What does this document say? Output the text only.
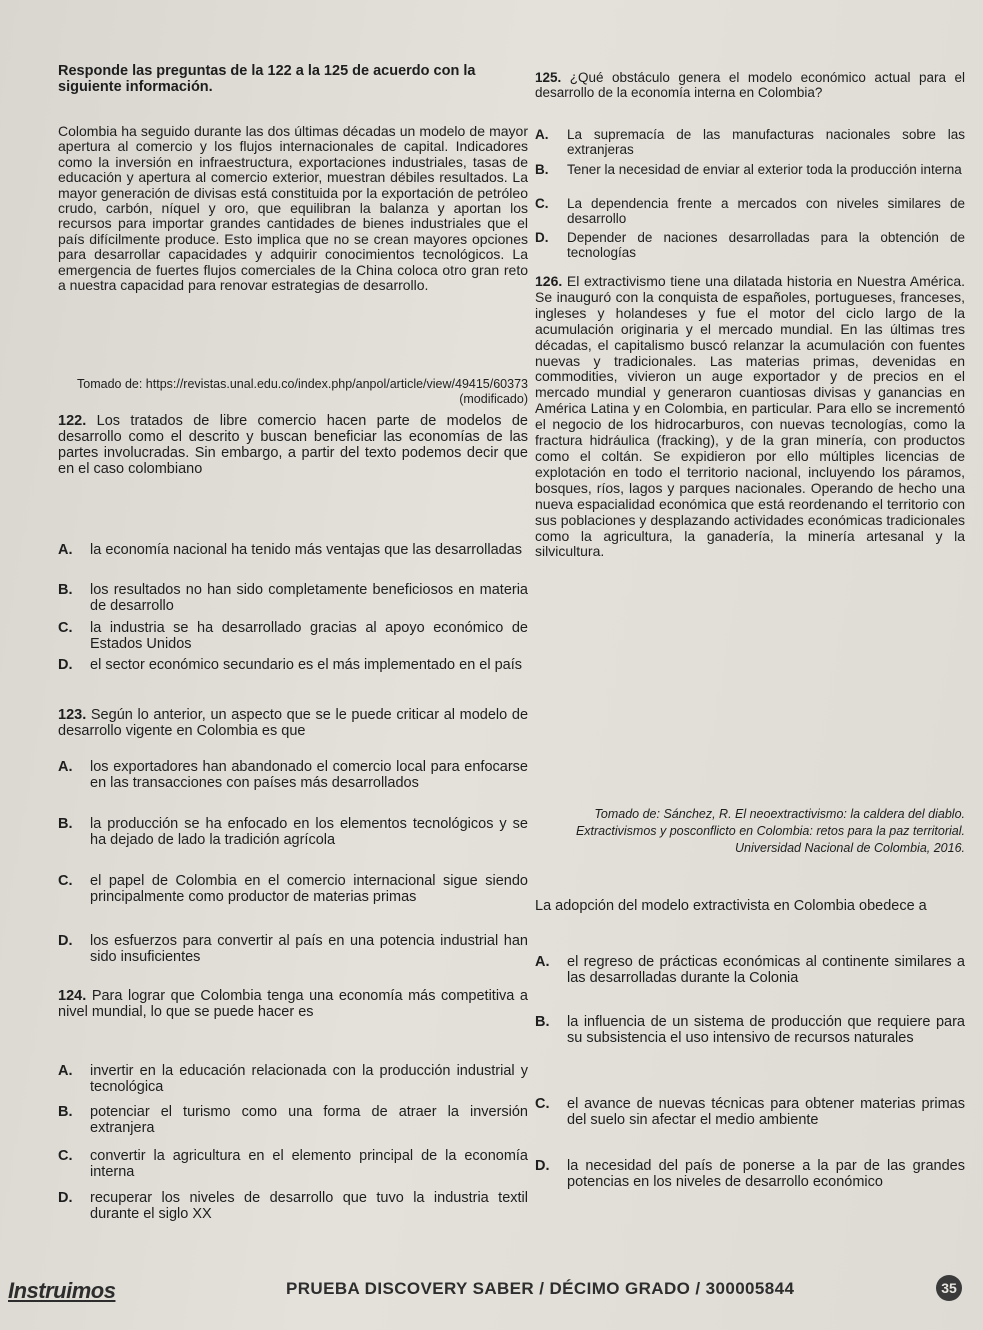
Responde las preguntas de la 122 a la 125 de acuerdo con la siguiente información.
Colombia ha seguido durante las dos últimas décadas un modelo de mayor apertura al comercio y los flujos internacionales de capital. Indicadores como la inversión en infraestructura, exportaciones industriales, tasas de educación y apertura al comercio exterior, muestran débiles resultados. La mayor generación de divisas está constituida por la exportación de petróleo crudo, carbón, níquel y oro, que equilibran la balanza y aportan los recursos para importar grandes cantidades de bienes industriales que el país difícilmente produce. Esto implica que no se crean mayores opciones para desarrollar capacidades y adquirir conocimientos tecnológicos. La emergencia de fuertes flujos comerciales de la China coloca otro gran reto a nuestra capacidad para renovar estrategias de desarrollo.
Tomado de: https://revistas.unal.edu.co/index.php/anpol/article/view/49415/60373 (modificado)
122. Los tratados de libre comercio hacen parte de modelos de desarrollo como el descrito y buscan beneficiar las economías de las partes involucradas. Sin embargo, a partir del texto podemos decir que en el caso colombiano
A. la economía nacional ha tenido más ventajas que las desarrolladas
B. los resultados no han sido completamente beneficiosos en materia de desarrollo
C. la industria se ha desarrollado gracias al apoyo económico de Estados Unidos
D. el sector económico secundario es el más implementado en el país
123. Según lo anterior, un aspecto que se le puede criticar al modelo de desarrollo vigente en Colombia es que
A. los exportadores han abandonado el comercio local para enfocarse en las transacciones con países más desarrollados
B. la producción se ha enfocado en los elementos tecnológicos y se ha dejado de lado la tradición agrícola
C. el papel de Colombia en el comercio internacional sigue siendo principalmente como productor de materias primas
D. los esfuerzos para convertir al país en una potencia industrial han sido insuficientes
124. Para lograr que Colombia tenga una economía más competitiva a nivel mundial, lo que se puede hacer es
A. invertir en la educación relacionada con la producción industrial y tecnológica
B. potenciar el turismo como una forma de atraer la inversión extranjera
C. convertir la agricultura en el elemento principal de la economía interna
D. recuperar los niveles de desarrollo que tuvo la industria textil durante el siglo XX
125. ¿Qué obstáculo genera el modelo económico actual para el desarrollo de la economía interna en Colombia?
A. La supremacía de las manufacturas nacionales sobre las extranjeras
B. Tener la necesidad de enviar al exterior toda la producción interna
C. La dependencia frente a mercados con niveles similares de desarrollo
D. Depender de naciones desarrolladas para la obtención de tecnologías
126. El extractivismo tiene una dilatada historia en Nuestra América. Se inauguró con la conquista de españoles, portugueses, franceses, ingleses y holandeses y fue el motor del ciclo largo de la acumulación originaria y el mercado mundial. En las últimas tres décadas, el capitalismo buscó relanzar la acumulación con fuentes nuevas y tradicionales. Las materias primas, devenidas en commodities, vivieron un auge exportador y de precios en el mercado mundial y generaron cuantiosas divisas y ganancias en América Latina y en Colombia, en particular. Para ello se incrementó el negocio de los hidrocarburos, con nuevas tecnologías, como la fractura hidráulica (fracking), y de la gran minería, con productos como el coltán. Se expidieron por ello múltiples licencias de explotación en todo el territorio nacional, incluyendo los páramos, bosques, ríos, lagos y parques nacionales. Operando de hecho una nueva espacialidad económica que está reordenando el territorio con sus poblaciones y desplazando actividades económicas tradicionales como la agricultura, la ganadería, la minería artesanal y la silvicultura.
Tomado de: Sánchez, R. El neoextractivismo: la caldera del diablo. Extractivismos y posconflicto en Colombia: retos para la paz territorial. Universidad Nacional de Colombia, 2016.
La adopción del modelo extractivista en Colombia obedece a
A. el regreso de prácticas económicas al continente similares a las desarrolladas durante la Colonia
B. la influencia de un sistema de producción que requiere para su subsistencia el uso intensivo de recursos naturales
C. el avance de nuevas técnicas para obtener materias primas del suelo sin afectar el medio ambiente
D. la necesidad del país de ponerse a la par de las grandes potencias en los niveles de desarrollo económico
Instruimos	PRUEBA DISCOVERY SABER / DÉCIMO GRADO / 300005844	35
